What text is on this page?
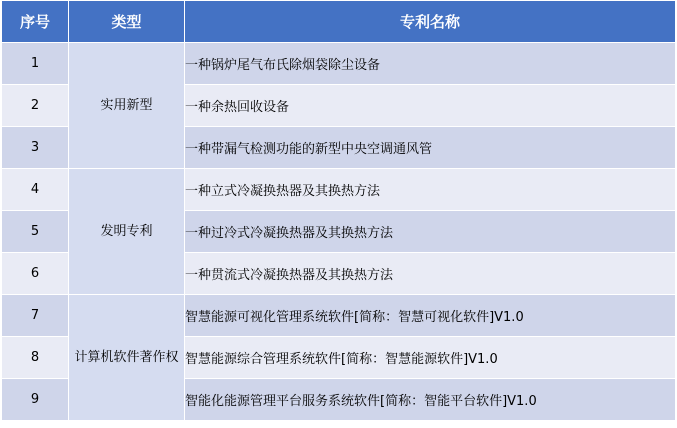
序号	类型	专利名称
1	实用新型	一种锅炉尾气布氏除烟袋除尘设备
2		一种余热回收设备
3		一种带漏气检测功能的新型中央空调通风管
4	发明专利	一种立式冷凝换热器及其换热方法
5		一种过冷式冷凝换热器及其换热方法
6		一种贯流式冷凝换热器及其换热方法
7	计算机软件著作权	智慧能源可视化管理系统软件[简称：智慧可视化软件]V1.0
8		智慧能源综合管理系统软件[简称：智慧能源软件]V1.0
9		智能化能源管理平台服务系统软件[简称：智能平台软件]V1.0
